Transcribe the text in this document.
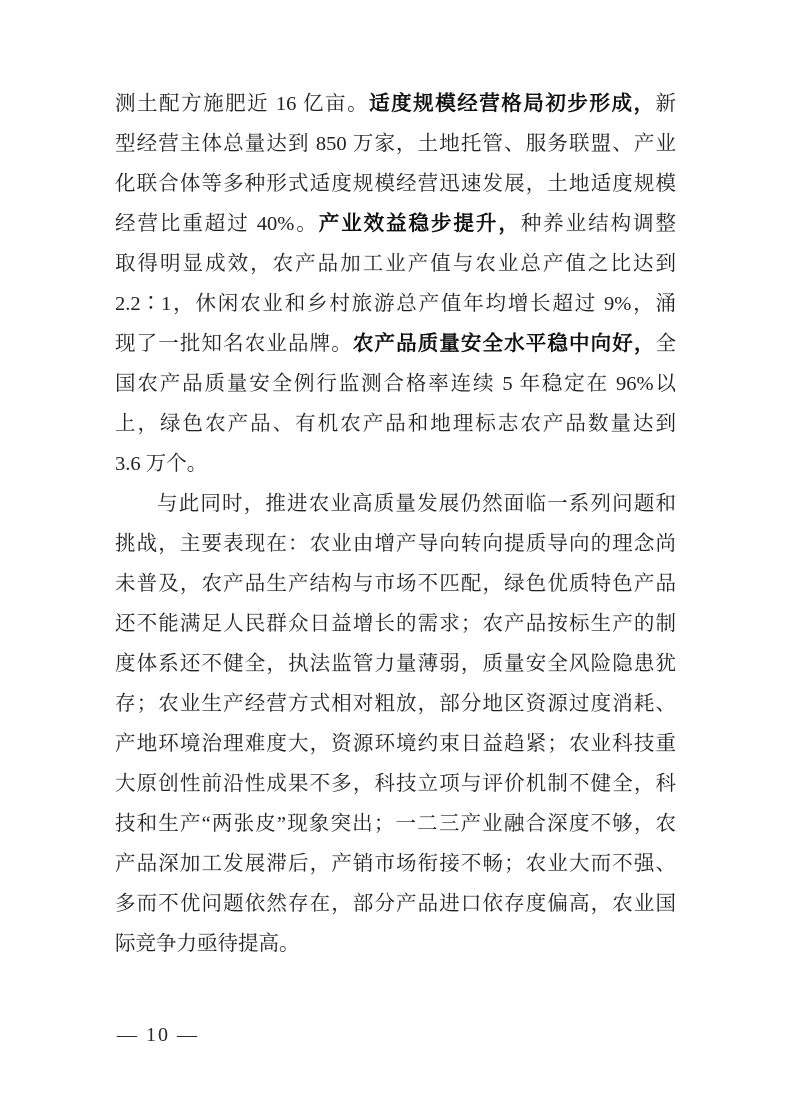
测土配方施肥近 16 亿亩。适度规模经营格局初步形成，新
型经营主体总量达到 850 万家，土地托管、服务联盟、产业
化联合体等多种形式适度规模经营迅速发展，土地适度规模
经营比重超过 40%。产业效益稳步提升，种养业结构调整
取得明显成效，农产品加工业产值与农业总产值之比达到
2.2∶1，休闲农业和乡村旅游总产值年均增长超过 9%，涌
现了一批知名农业品牌。农产品质量安全水平稳中向好，全
国农产品质量安全例行监测合格率连续 5 年稳定在 96%以
上，绿色农产品、有机农产品和地理标志农产品数量达到
3.6 万个。
与此同时，推进农业高质量发展仍然面临一系列问题和
挑战，主要表现在：农业由增产导向转向提质导向的理念尚
未普及，农产品生产结构与市场不匹配，绿色优质特色产品
还不能满足人民群众日益增长的需求；农产品按标生产的制
度体系还不健全，执法监管力量薄弱，质量安全风险隐患犹
存；农业生产经营方式相对粗放，部分地区资源过度消耗、
产地环境治理难度大，资源环境约束日益趋紧；农业科技重
大原创性前沿性成果不多，科技立项与评价机制不健全，科
技和生产“两张皮”现象突出；一二三产业融合深度不够，农
产品深加工发展滞后，产销市场衔接不畅；农业大而不强、
多而不优问题依然存在，部分产品进口依存度偏高，农业国
际竞争力亟待提高。
— 10 —
